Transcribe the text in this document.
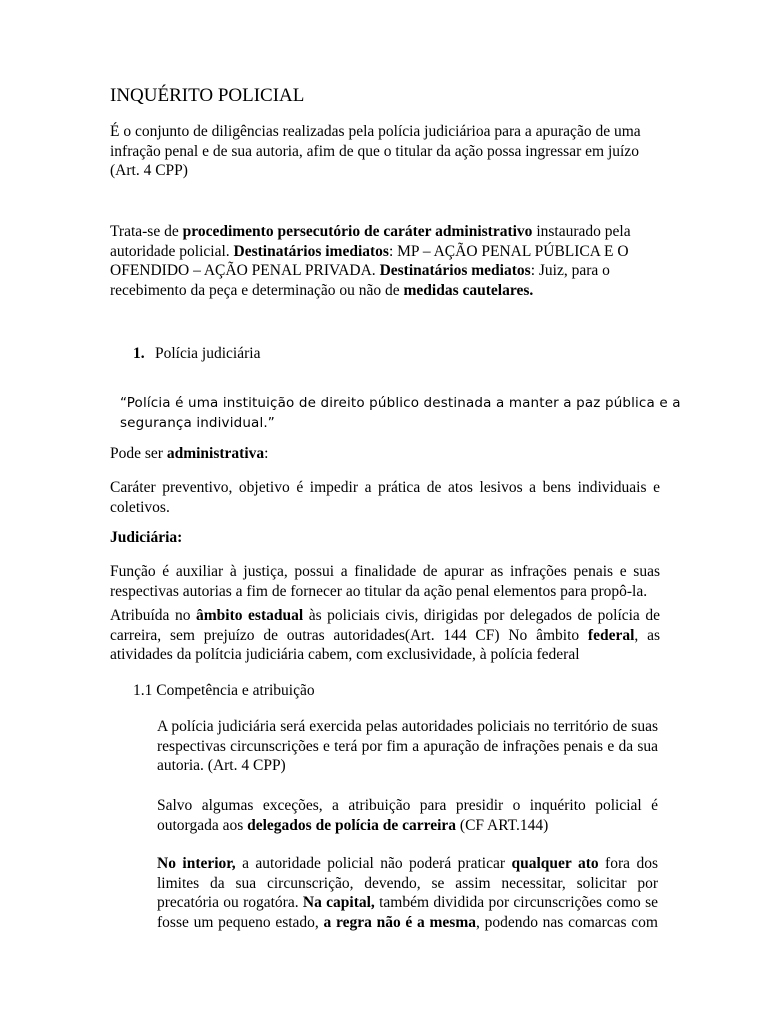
INQUÉRITO POLICIAL

É o conjunto de diligências realizadas pela polícia judiciárioa para a apuração de uma
infração penal e de sua autoria, afim de que o titular da ação possa ingressar em juízo
(Art. 4 CPP)

Trata-se de procedimento persecutório de caráter administrativo instaurado pela
autoridade policial. Destinatários imediatos: MP – AÇÃO PENAL PÚBLICA E O
OFENDIDO – AÇÃO PENAL PRIVADA. Destinatários mediatos: Juiz, para o
recebimento da peça e determinação ou não de medidas cautelares.

1. Polícia judiciária

“Polícia é uma instituição de direito público destinada a manter a paz pública e a
segurança individual.”

Pode ser administrativa:

Caráter preventivo, objetivo é impedir a prática de atos lesivos a bens individuais e
coletivos.

Judiciária:

Função é auxiliar à justiça, possui a finalidade de apurar as infrações penais e suas
respectivas autorias a fim de fornecer ao titular da ação penal elementos para propô-la.

Atribuída no âmbito estadual às policiais civis, dirigidas por delegados de polícia de
carreira, sem prejuízo de outras autoridades(Art. 144 CF) No âmbito federal, as
atividades da polítcia judiciária cabem, com exclusividade, à polícia federal

1.1 Competência e atribuição

A polícia judiciária será exercida pelas autoridades policiais no território de suas
respectivas circunscrições e terá por fim a apuração de infrações penais e da sua
autoria. (Art. 4 CPP)

Salvo algumas exceções, a atribuição para presidir o inquérito policial é
outorgada aos delegados de polícia de carreira (CF ART.144)

No interior, a autoridade policial não poderá praticar qualquer ato fora dos
limites da sua circunscrição, devendo, se assim necessitar, solicitar por
precatória ou rogatóra. Na capital, também dividida por circunscrições como se
fosse um pequeno estado, a regra não é a mesma, podendo nas comarcas com
